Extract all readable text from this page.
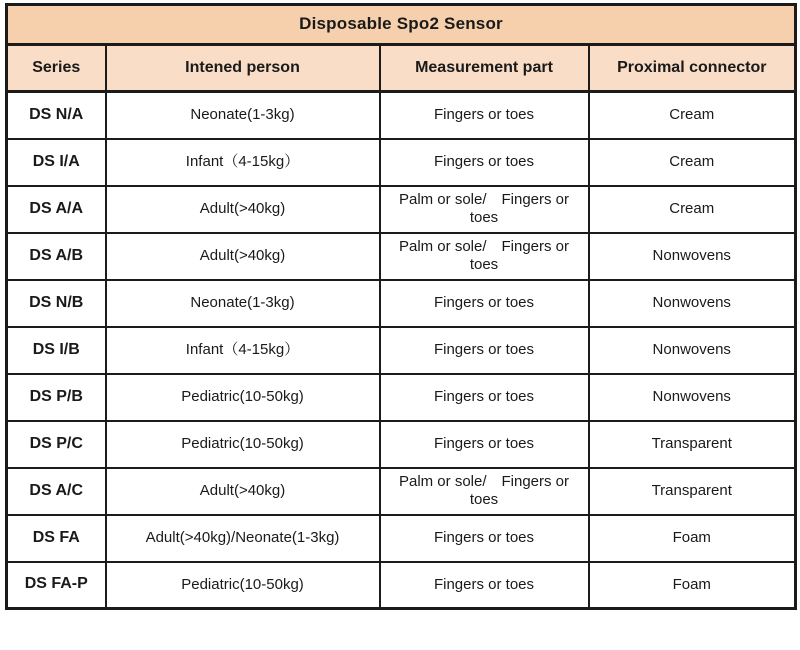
Disposable Spo2 Sensor			
Series	Intened person	Measurement part	Proximal connector
DS N/A	Neonate(1-3kg)	Fingers or toes	Cream
DS I/A	Infant（4-15kg）	Fingers or toes	Cream
DS A/A	Adult(>40kg)	Palm or sole/　Fingers or toes	Cream
DS A/B	Adult(>40kg)	Palm or sole/　Fingers or toes	Nonwovens
DS N/B	Neonate(1-3kg)	Fingers or toes	Nonwovens
DS I/B	Infant（4-15kg）	Fingers or toes	Nonwovens
DS P/B	Pediatric(10-50kg)	Fingers or toes	Nonwovens
DS P/C	Pediatric(10-50kg)	Fingers or toes	Transparent
DS A/C	Adult(>40kg)	Palm or sole/　Fingers or toes	Transparent
DS FA	Adult(>40kg)/Neonate(1-3kg)	Fingers or toes	Foam
DS FA-P	Pediatric(10-50kg)	Fingers or toes	Foam
